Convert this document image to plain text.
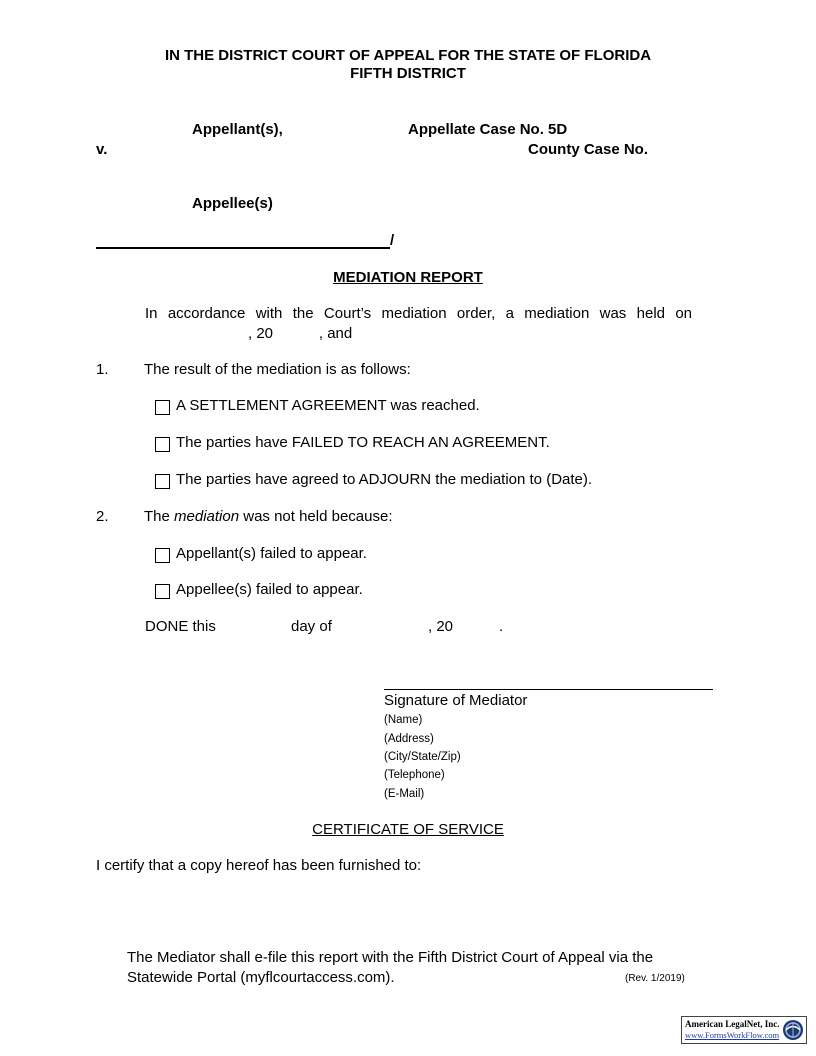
IN THE DISTRICT COURT OF APPEAL FOR THE STATE OF FLORIDA
FIFTH DISTRICT
Appellant(s),	Appellate Case No. 5D
v.	County Case No.
Appellee(s)
/
MEDIATION REPORT
In  accordance  with  the  Court’s  mediation  order,  a  mediation  was  held  on
, 20           , and
1. The result of the mediation is as follows:
A SETTLEMENT AGREEMENT was reached.
The parties have FAILED TO REACH AN AGREEMENT.
The parties have agreed to ADJOURN the mediation to (Date).
2. The mediation was not held because:
Appellant(s) failed to appear.
Appellee(s) failed to appear.
DONE this	day of	, 20	.
Signature of Mediator
(Name)
(Address)
(City/State/Zip)
(Telephone)
(E-Mail)
CERTIFICATE OF SERVICE
I certify that a copy hereof has been furnished to:
The Mediator shall e-file this report with the Fifth District Court of Appeal via the
Statewide Portal (myflcourtaccess.com).	(Rev. 1/2019)
American LegalNet, Inc.
www.FormsWorkFlow.com
